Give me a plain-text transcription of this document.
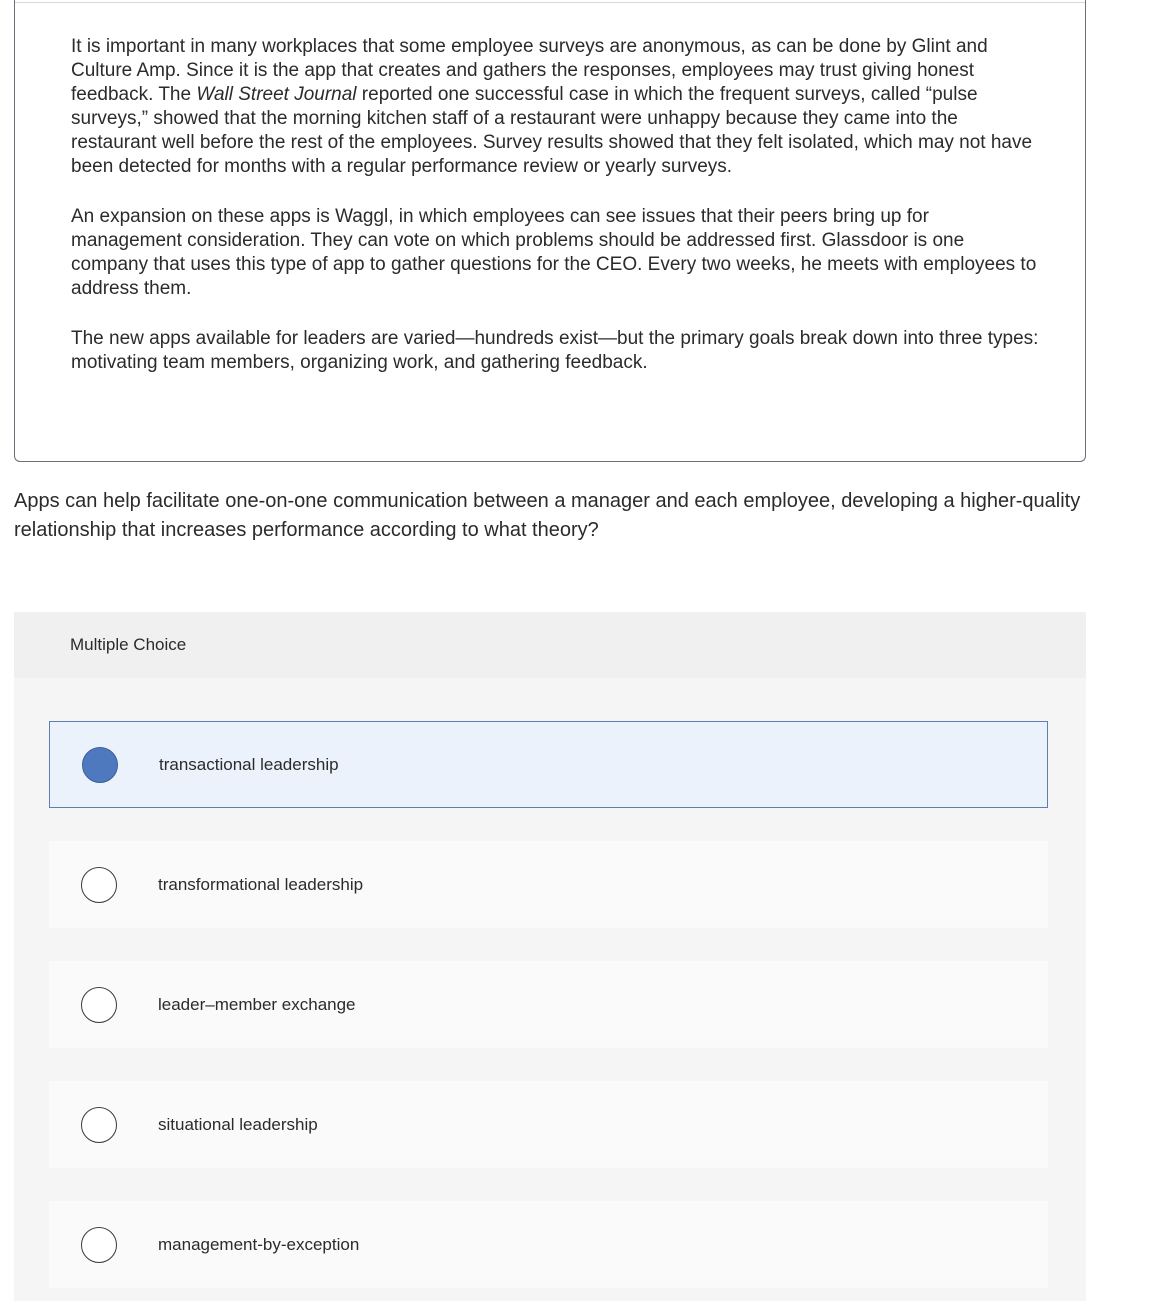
It is important in many workplaces that some employee surveys are anonymous, as can be done by Glint and Culture Amp. Since it is the app that creates and gathers the responses, employees may trust giving honest feedback. The Wall Street Journal reported one successful case in which the frequent surveys, called “pulse surveys,” showed that the morning kitchen staff of a restaurant were unhappy because they came into the restaurant well before the rest of the employees. Survey results showed that they felt isolated, which may not have been detected for months with a regular performance review or yearly surveys.

An expansion on these apps is Waggl, in which employees can see issues that their peers bring up for management consideration. They can vote on which problems should be addressed first. Glassdoor is one company that uses this type of app to gather questions for the CEO. Every two weeks, he meets with employees to address them.

The new apps available for leaders are varied—hundreds exist—but the primary goals break down into three types: motivating team members, organizing work, and gathering feedback.

Apps can help facilitate one-on-one communication between a manager and each employee, developing a higher-quality relationship that increases performance according to what theory?
Multiple Choice
transactional leadership
transformational leadership
leader–member exchange
situational leadership
management-by-exception
